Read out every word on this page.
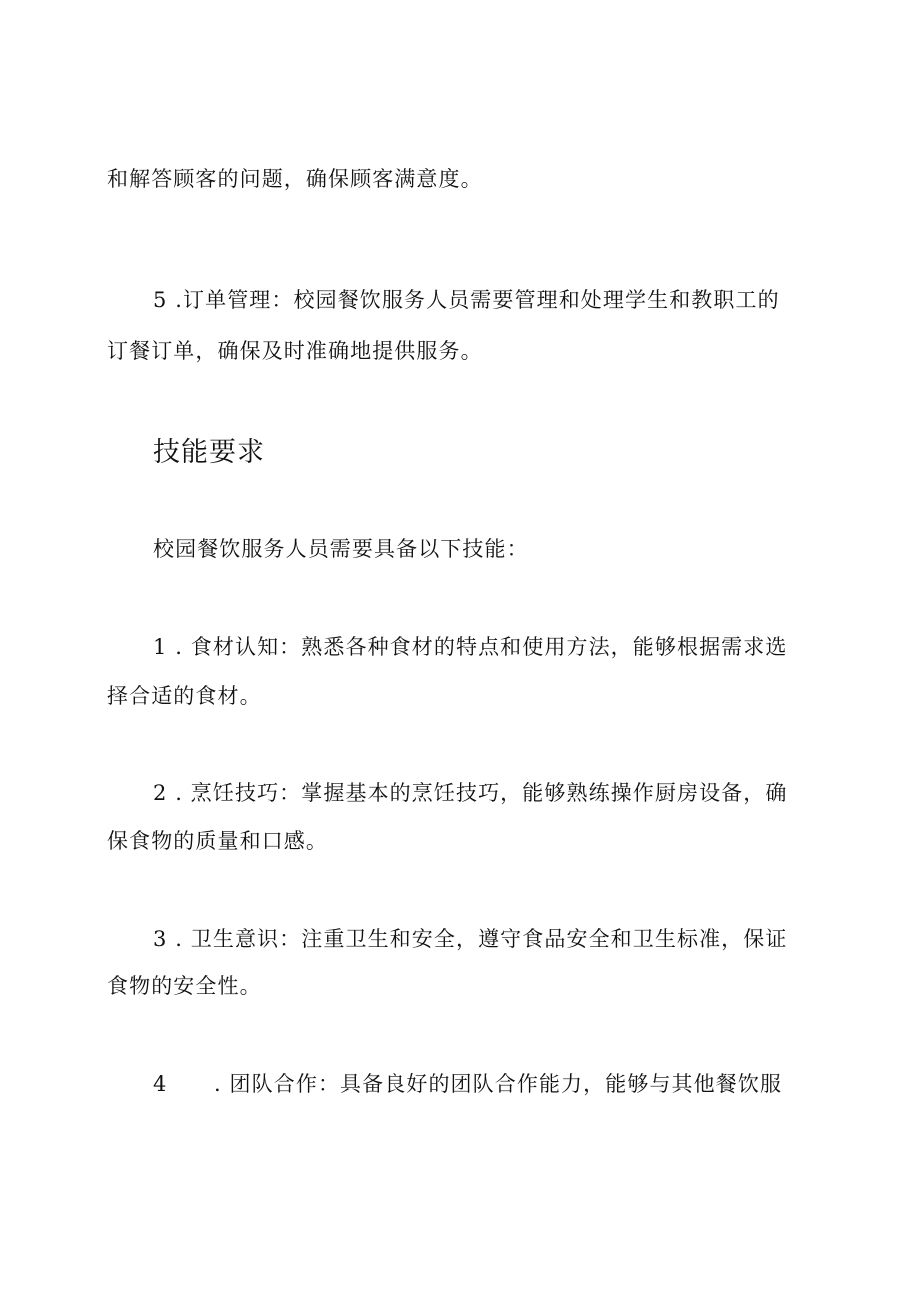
和解答顾客的问题，确保顾客满意度。
5 .订单管理：校园餐饮服务人员需要管理和处理学生和教职工的
订餐订单，确保及时准确地提供服务。
技能要求
校园餐饮服务人员需要具备以下技能：
1 . 食材认知：熟悉各种食材的特点和使用方法，能够根据需求选
择合适的食材。
2 . 烹饪技巧：掌握基本的烹饪技巧，能够熟练操作厨房设备，确
保食物的质量和口感。
3 . 卫生意识：注重卫生和安全，遵守食品安全和卫生标准，保证
食物的安全性。
4 . 团队合作：具备良好的团队合作能力，能够与其他餐饮服
